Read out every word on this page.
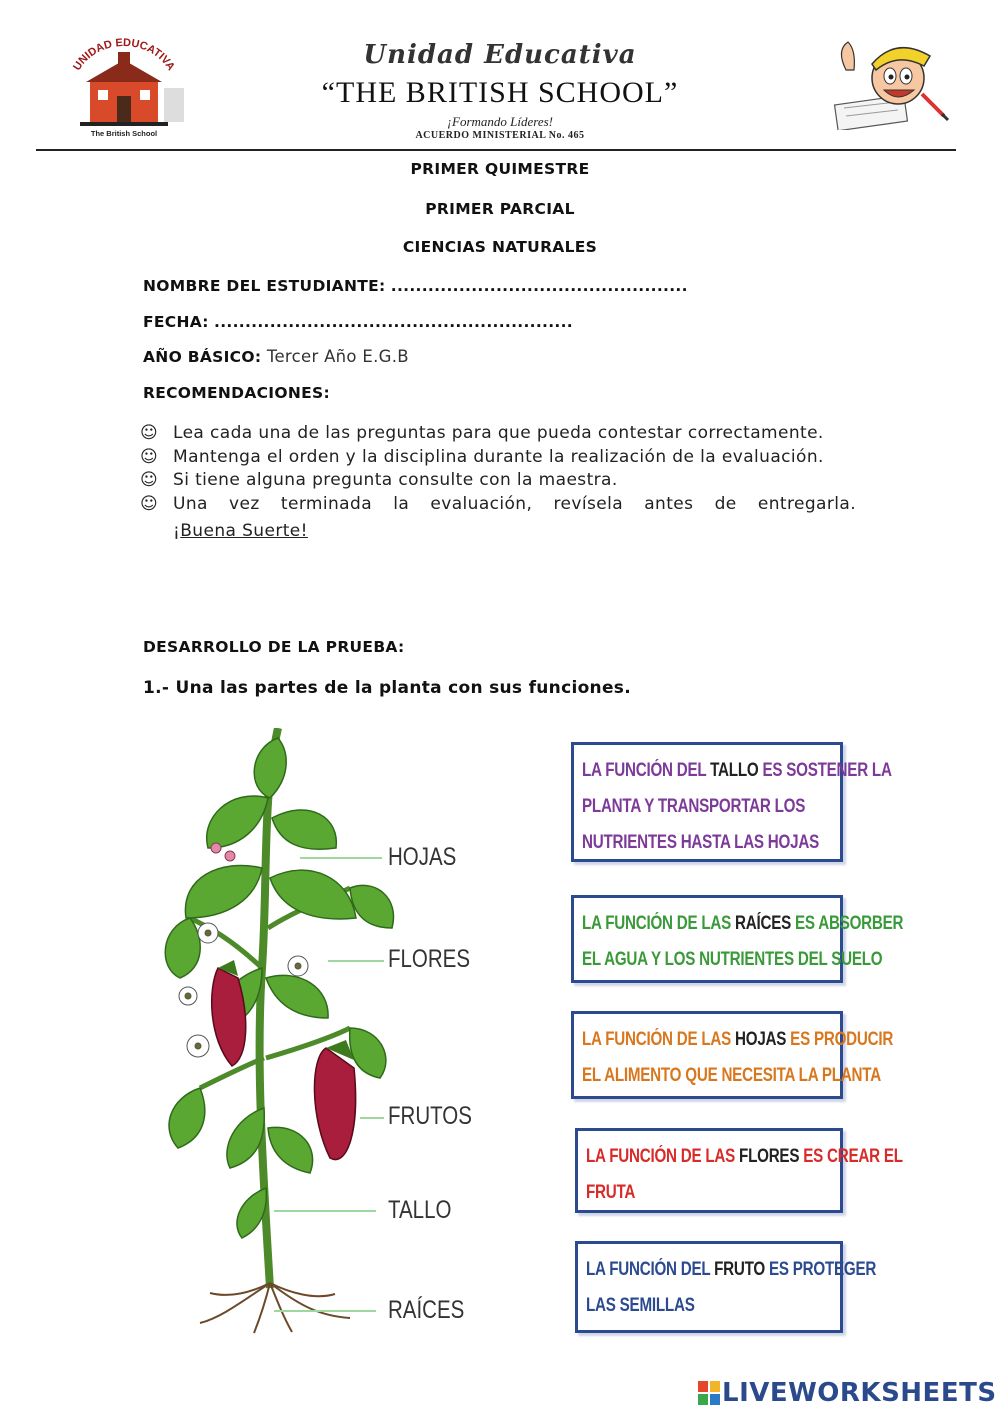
UNIDAD EDUCATIVA
The British School
Unidad Educativa
“THE BRITISH SCHOOL”
¡Formando Líderes!
ACUERDO MINISTERIAL No. 465
PRIMER QUIMESTRE
PRIMER PARCIAL
CIENCIAS NATURALES
NOMBRE DEL ESTUDIANTE: ................................................
FECHA: ..........................................................
AÑO BÁSICO: Tercer Año E.G.B
RECOMENDACIONES:
☺ Lea cada una de las preguntas para que pueda contestar correctamente.
☺ Mantenga el orden y la disciplina durante la realización de la evaluación.
☺ Si tiene alguna pregunta consulte con la maestra.
☺ Una vez terminada la evaluación, revísela antes de entregarla.
¡Buena Suerte!
DESARROLLO DE LA PRUEBA:
1.- Una las partes de la planta con sus funciones.
HOJAS
FLORES
FRUTOS
TALLO
RAÍCES
LA FUNCIÓN DEL TALLO ES SOSTENER LA
PLANTA Y TRANSPORTAR LOS
NUTRIENTES HASTA LAS HOJAS
LA FUNCIÓN DE LAS RAÍCES ES ABSORBER
EL AGUA Y LOS NUTRIENTES DEL SUELO
LA FUNCIÓN DE LAS HOJAS ES PRODUCIR
EL ALIMENTO QUE NECESITA LA PLANTA
LA FUNCIÓN DE LAS FLORES ES CREAR EL
FRUTA
LA FUNCIÓN DEL FRUTO ES PROTEGER
LAS SEMILLAS
LIVEWORKSHEETS
